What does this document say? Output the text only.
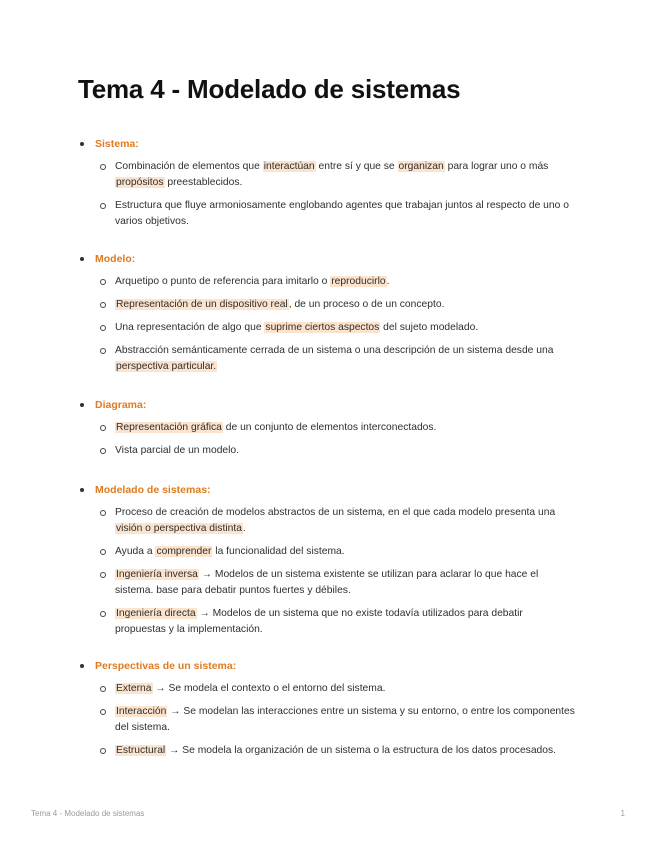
Tema 4 - Modelado de sistemas
Sistema:
Combinación de elementos que interactúan entre sí y que se organizan para lograr uno o más propósitos preestablecidos.
Estructura que fluye armoniosamente englobando agentes que trabajan juntos al respecto de uno o varios objetivos.
Modelo:
Arquetipo o punto de referencia para imitarlo o reproducirlo.
Representación de un dispositivo real, de un proceso o de un concepto.
Una representación de algo que suprime ciertos aspectos del sujeto modelado.
Abstracción semánticamente cerrada de un sistema o una descripción de un sistema desde una perspectiva particular.
Diagrama:
Representación gráfica de un conjunto de elementos interconectados.
Vista parcial de un modelo.
Modelado de sistemas:
Proceso de creación de modelos abstractos de un sistema, en el que cada modelo presenta una visión o perspectiva distinta.
Ayuda a comprender la funcionalidad del sistema.
Ingeniería inversa → Modelos de un sistema existente se utilizan para aclarar lo que hace el sistema. base para debatir puntos fuertes y débiles.
Ingeniería directa → Modelos de un sistema que no existe todavía utilizados para debatir propuestas y la implementación.
Perspectivas de un sistema:
Externa → Se modela el contexto o el entorno del sistema.
Interacción → Se modelan las interacciones entre un sistema y su entorno, o entre los componentes del sistema.
Estructural → Se modela la organización de un sistema o la estructura de los datos procesados.
Tema 4 - Modelado de sistemas	1
